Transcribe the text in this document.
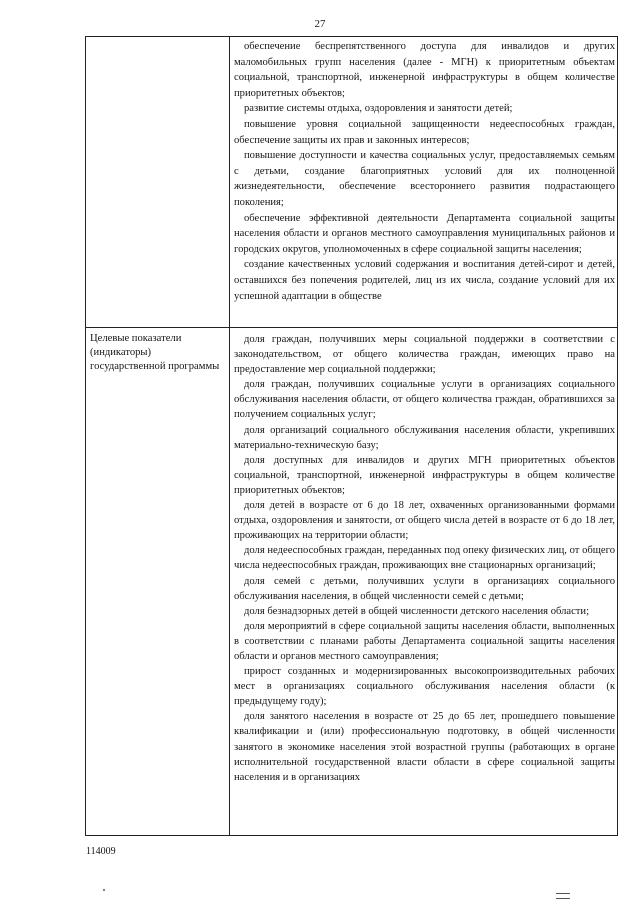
27
обеспечение беспрепятственного доступа для инвалидов и других маломобильных групп населения (далее - МГН) к приоритетным объектам социальной, транспортной, инженерной инфраструктуры в общем количестве приоритетных объектов;
развитие системы отдыха, оздоровления и занятости детей;
повышение уровня социальной защищенности недееспособных граждан, обеспечение защиты их прав и законных интересов;
повышение доступности и качества социальных услуг, предоставляемых семьям с детьми, создание благоприятных условий для их полноценной жизнедеятельности, обеспечение всестороннего развития подрастающего поколения;
обеспечение эффективной деятельности Департамента социальной защиты населения области и органов местного самоуправления муниципальных районов и городских округов, уполномоченных в сфере социальной защиты населения;
создание качественных условий содержания и воспитания детей-сирот и детей, оставшихся без попечения родителей, лиц из их числа, создание условий для их успешной адаптации в обществе
Целевые показатели (индикаторы) государственной программы
доля граждан, получивших меры социальной поддержки в соответствии с законодательством, от общего количества граждан, имеющих право на предоставление мер социальной поддержки;
доля граждан, получивших социальные услуги в организациях социального обслуживания населения области, от общего количества граждан, обратившихся за получением социальных услуг;
доля организаций социального обслуживания населения области, укрепивших материально-техническую базу;
доля доступных для инвалидов и других МГН приоритетных объектов социальной, транспортной, инженерной инфраструктуры в общем количестве приоритетных объектов;
доля детей в возрасте от 6 до 18 лет, охваченных организованными формами отдыха, оздоровления и занятости, от общего числа детей в возрасте от 6 до 18 лет, проживающих на территории области;
доля недееспособных граждан, переданных под опеку физических лиц, от общего числа недееспособных граждан, проживающих вне стационарных организаций;
доля семей с детьми, получивших услуги в организациях социального обслуживания населения, в общей численности семей с детьми;
доля безнадзорных детей в общей численности детского населения области;
доля мероприятий в сфере социальной защиты населения области, выполненных в соответствии с планами работы Департамента социальной защиты населения области и органов местного самоуправления;
прирост созданных и модернизированных высокопроизводительных рабочих мест в организациях социального обслуживания населения области (к предыдущему году);
доля занятого населения в возрасте от 25 до 65 лет, прошедшего повышение квалификации и (или) профессиональную подготовку, в общей численности занятого в экономике населения этой возрастной группы (работающих в органе исполнительной государственной власти области в сфере социальной защиты населения и в организациях
114009
